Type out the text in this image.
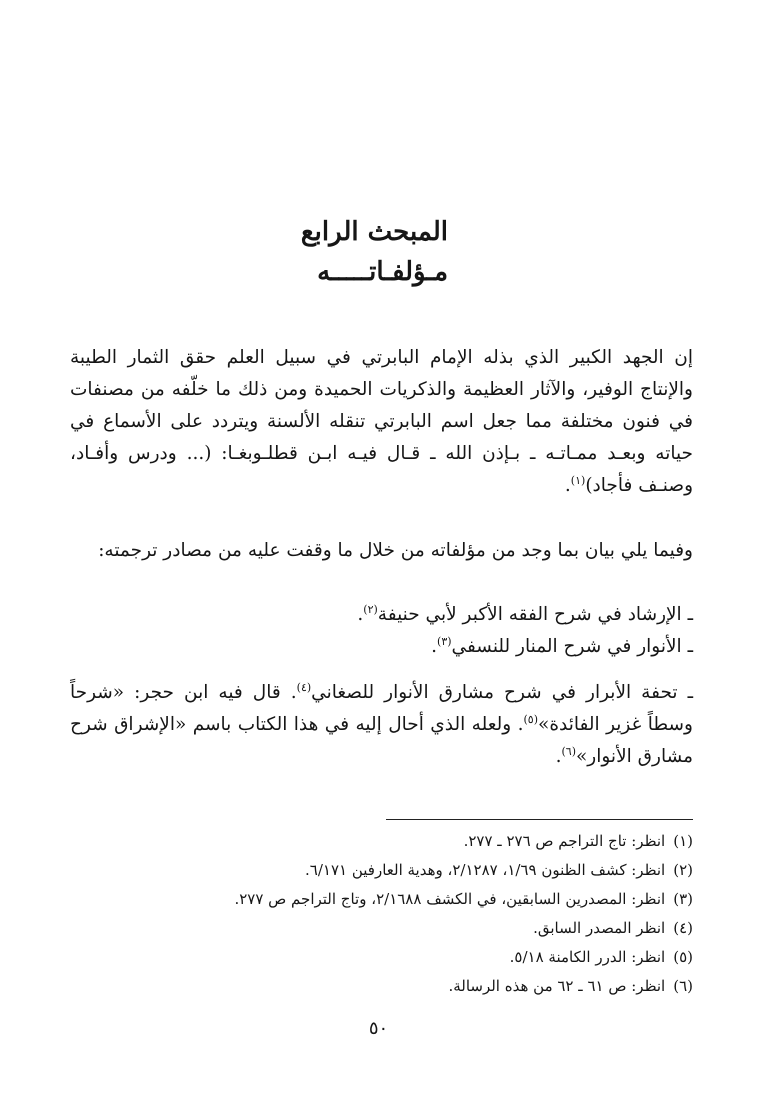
المبحث الرابع
مـؤلفـاتـــــه

إن الجهد الكبير الذي بذله الإمام البابرتي في سبيل العلم حقق الثمار الطيبة والإنتاج الوفير، والآثار العظيمة والذكريات الحميدة ومن ذلك ما خلّفه من مصنفات في فنون مختلفة مما جعل اسم البابرتي تنقله الألسنة ويتردد على الأسماع في حياته وبعـد ممـاتـه ـ بـإذن الله ـ قـال فيـه ابـن قطلـوبغـا: (... ودرس وأفـاد، وصنـف فأجاد)$^{(١)}$.

وفيما يلي بيان بما وجد من مؤلفاته من خلال ما وقفت عليه من مصادر ترجمته:

ـ الإرشاد في شرح الفقه الأكبر لأبي حنيفة$^{(٢)}$.

ـ الأنوار في شرح المنار للنسفي$^{(٣)}$.

ـ تحفة الأبرار في شرح مشارق الأنوار للصغاني$^{(٤)}$. قال فيه ابن حجر: «شرحاً وسطاً غزير الفائدة»$^{(٥)}$. ولعله الذي أحال إليه في هذا الكتاب باسم «الإشراق شرح مشارق الأنوار»$^{(٦)}$.

(١)انظر: تاج التراجم ص ٢٧٦ ـ ٢٧٧.

(٢)انظر: كشف الظنون ١/٦٩، ٢/١٢٨٧، وهدية العارفين ٦/١٧١.

(٣)انظر: المصدرين السابقين، في الكشف ٢/١٦٨٨، وتاج التراجم ص ٢٧٧.

(٤)انظر المصدر السابق.

(٥)انظر: الدرر الكامنة ٥/١٨.

(٦)انظر: ص ٦١ ـ ٦٢ من هذه الرسالة.

٥٠
